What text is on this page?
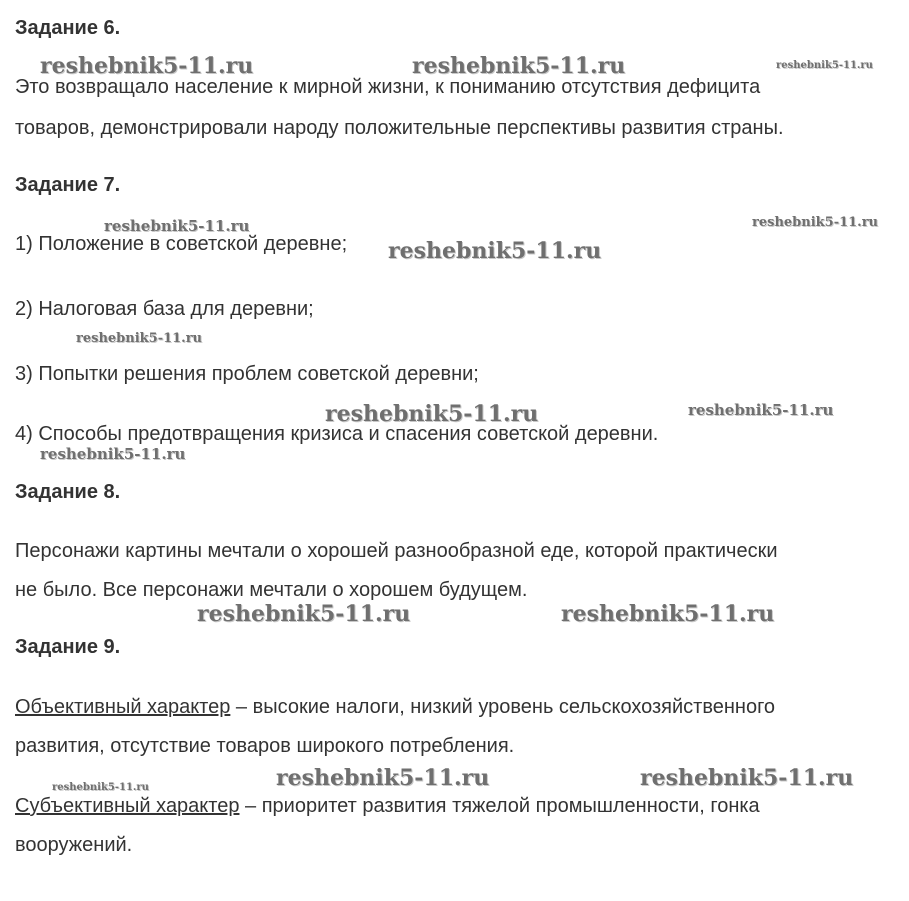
Задание 6.
Это возвращало население к мирной жизни, к пониманию отсутствия дефицита
товаров, демонстрировали народу положительные перспективы развития страны.
Задание 7.
1) Положение в советской деревне;
2) Налоговая база для деревни;
3) Попытки решения проблем советской деревни;
4) Способы предотвращения кризиса и спасения советской деревни.
Задание 8.
Персонажи картины мечтали о хорошей разнообразной еде, которой практически
не было. Все персонажи мечтали о хорошем будущем.
Задание 9.
Объективный характер – высокие налоги, низкий уровень сельскохозяйственного
развития, отсутствие товаров широкого потребления.
Субъективный характер – приоритет развития тяжелой промышленности, гонка
вооружений.
reshebnik5-11.ru	reshebnik5-11.ru	reshebnik5-11.ru
reshebnik5-11.ru	reshebnik5-11.ru
reshebnik5-11.ru
reshebnik5-11.ru
reshebnik5-11.ru	reshebnik5-11.ru
reshebnik5-11.ru
reshebnik5-11.ru	reshebnik5-11.ru
reshebnik5-11.ru	reshebnik5-11.ru
reshebnik5-11.ru
